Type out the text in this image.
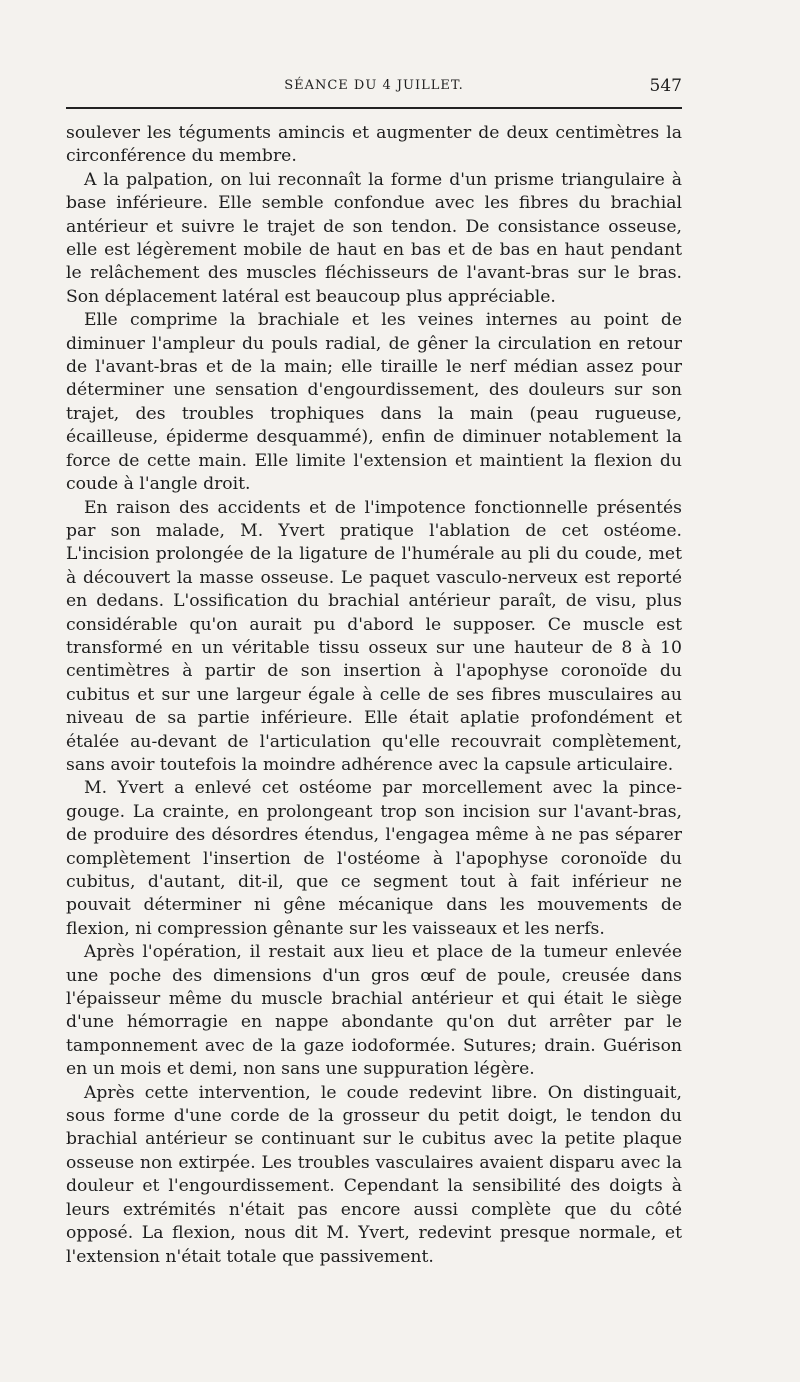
SÉANCE DU 4 JUILLET.	547

soulever les téguments amincis et augmenter de deux centimètres la circonférence du membre.

A la palpation, on lui reconnaît la forme d'un prisme triangulaire à base inférieure. Elle semble confondue avec les fibres du brachial antérieur et suivre le trajet de son tendon. De consistance osseuse, elle est légèrement mobile de haut en bas et de bas en haut pendant le relâchement des muscles fléchisseurs de l'avant-bras sur le bras. Son déplacement latéral est beaucoup plus appréciable.

Elle comprime la brachiale et les veines internes au point de diminuer l'ampleur du pouls radial, de gêner la circulation en retour de l'avant-bras et de la main; elle tiraille le nerf médian assez pour déterminer une sensation d'engourdissement, des douleurs sur son trajet, des troubles trophiques dans la main (peau rugueuse, écailleuse, épiderme desquammé), enfin de diminuer notablement la force de cette main. Elle limite l'extension et maintient la flexion du coude à l'angle droit.

En raison des accidents et de l'impotence fonctionnelle présentés par son malade, M. Yvert pratique l'ablation de cet ostéome. L'incision prolongée de la ligature de l'humérale au pli du coude, met à découvert la masse osseuse. Le paquet vasculo-nerveux est reporté en dedans. L'ossification du brachial antérieur paraît, de visu, plus considérable qu'on aurait pu d'abord le supposer. Ce muscle est transformé en un véritable tissu osseux sur une hauteur de 8 à 10 centimètres à partir de son insertion à l'apophyse coronoïde du cubitus et sur une largeur égale à celle de ses fibres musculaires au niveau de sa partie inférieure. Elle était aplatie profondément et étalée au-devant de l'articulation qu'elle recouvrait complètement, sans avoir toutefois la moindre adhérence avec la capsule articulaire.

M. Yvert a enlevé cet ostéome par morcellement avec la pince-gouge. La crainte, en prolongeant trop son incision sur l'avant-bras, de produire des désordres étendus, l'engagea même à ne pas séparer complètement l'insertion de l'ostéome à l'apophyse coronoïde du cubitus, d'autant, dit-il, que ce segment tout à fait inférieur ne pouvait déterminer ni gêne mécanique dans les mouvements de flexion, ni compression gênante sur les vaisseaux et les nerfs.

Après l'opération, il restait aux lieu et place de la tumeur enlevée une poche des dimensions d'un gros œuf de poule, creusée dans l'épaisseur même du muscle brachial antérieur et qui était le siège d'une hémorragie en nappe abondante qu'on dut arrêter par le tamponnement avec de la gaze iodoformée. Sutures; drain. Guérison en un mois et demi, non sans une suppuration légère.

Après cette intervention, le coude redevint libre. On distinguait, sous forme d'une corde de la grosseur du petit doigt, le tendon du brachial antérieur se continuant sur le cubitus avec la petite plaque osseuse non extirpée. Les troubles vasculaires avaient disparu avec la douleur et l'engourdissement. Cependant la sensibilité des doigts à leurs extrémités n'était pas encore aussi complète que du côté opposé. La flexion, nous dit M. Yvert, redevint presque normale, et l'extension n'était totale que passivement.
